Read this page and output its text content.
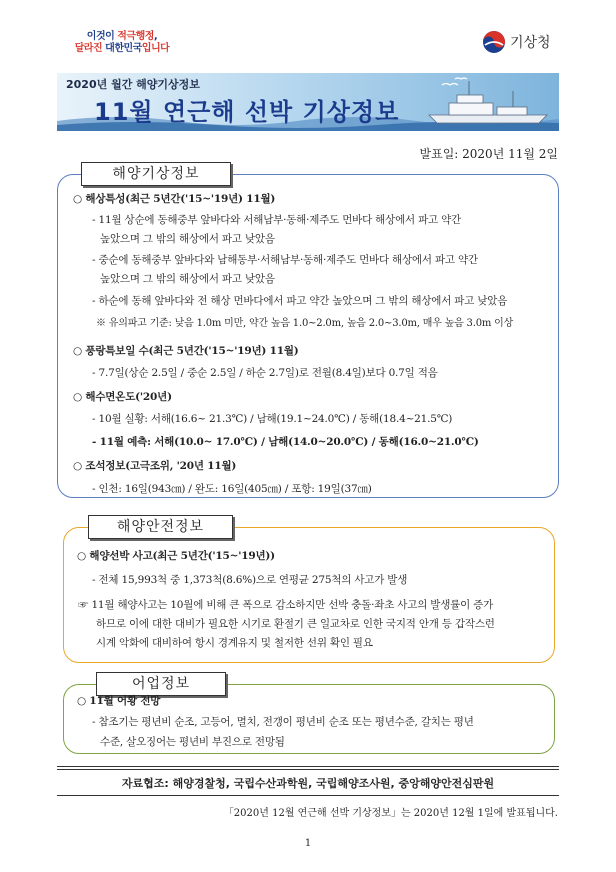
이것이 적극행정,
달라진 대한민국입니다	기상청
2020년 월간 해양기상정보
11월 연근해 선박 기상정보
발표일: 2020년 11월 2일
해양기상정보
○ 해상특성(최근 5년간('15~'19년) 11월)
- 11월 상순에 동해중부 앞바다와 서해남부·동해·제주도 먼바다 해상에서 파고 약간
높았으며 그 밖의 해상에서 파고 낮았음
- 중순에 동해중부 앞바다와 남해동부·서해남부·동해·제주도 먼바다 해상에서 파고 약간
높았으며 그 밖의 해상에서 파고 낮았음
- 하순에 동해 앞바다와 전 해상 먼바다에서 파고 약간 높았으며 그 밖의 해상에서 파고 낮았음
※ 유의파고 기준: 낮음 1.0m 미만, 약간 높음 1.0~2.0m, 높음 2.0~3.0m, 매우 높음 3.0m 이상
○ 풍랑특보일 수(최근 5년간('15~'19년) 11월)
- 7.7일(상순 2.5일 / 중순 2.5일 / 하순 2.7일)로 전월(8.4일)보다 0.7일 적음
○ 해수면온도('20년)
- 10월 실황: 서해(16.6~ 21.3℃) / 남해(19.1~24.0℃) / 동해(18.4~21.5℃)
- 11월 예측: 서해(10.0~ 17.0℃) / 남해(14.0~20.0℃) / 동해(16.0~21.0℃)
○ 조석정보(고극조위, '20년 11월)
- 인천: 16일(943㎝) / 완도: 16일(405㎝) / 포항: 19일(37㎝)
해양안전정보
○ 해양선박 사고(최근 5년간('15~'19년))
- 전체 15,993척 중 1,373척(8.6%)으로 연평균 275척의 사고가 발생
☞ 11월 해양사고는 10월에 비해 큰 폭으로 감소하지만 선박 충돌·좌초 사고의 발생률이 증가
하므로 이에 대한 대비가 필요한 시기로 환절기 큰 일교차로 인한 국지적 안개 등 갑작스런
시계 악화에 대비하여 항시 경계유지 및 철저한 선위 확인 필요
어업정보
○ 11월 어황 전망
- 참조기는 평년비 순조, 고등어, 멸치, 전갱이 평년비 순조 또는 평년수준, 갈치는 평년
수준, 살오징어는 평년비 부진으로 전망됨
자료협조: 해양경찰청, 국립수산과학원, 국립해양조사원, 중앙해양안전심판원
「2020년 12월 연근해 선박 기상정보」는 2020년 12월 1일에 발표됩니다.
1
